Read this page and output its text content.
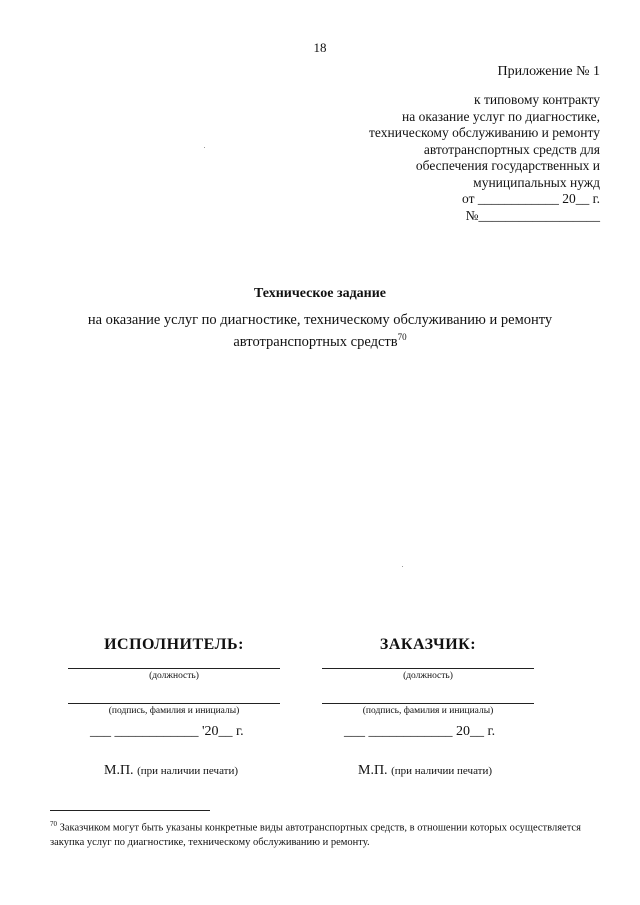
18
Приложение № 1
к типовому контракту
на оказание услуг по диагностике,
техническому обслуживанию и ремонту
автотранспортных средств для
обеспечения государственных и
муниципальных нужд
от ____________ 20__ г.
№__________________
Техническое задание
на оказание услуг по диагностике, техническому обслуживанию и ремонту
автотранспортных средств$^{70}$
ИСПОЛНИТЕЛЬ:
(должность)
(подпись, фамилия и инициалы)
___ ____________ '20__ г.
М.П. (при наличии печати)
ЗАКАЗЧИК:
(должность)
(подпись, фамилия и инициалы)
___ ____________ 20__ г.
М.П. (при наличии печати)
$^{70}$ Заказчиком могут быть указаны конкретные виды автотранспортных средств, в отношении которых осуществляется закупка услуг по диагностике, техническому обслуживанию и ремонту.
